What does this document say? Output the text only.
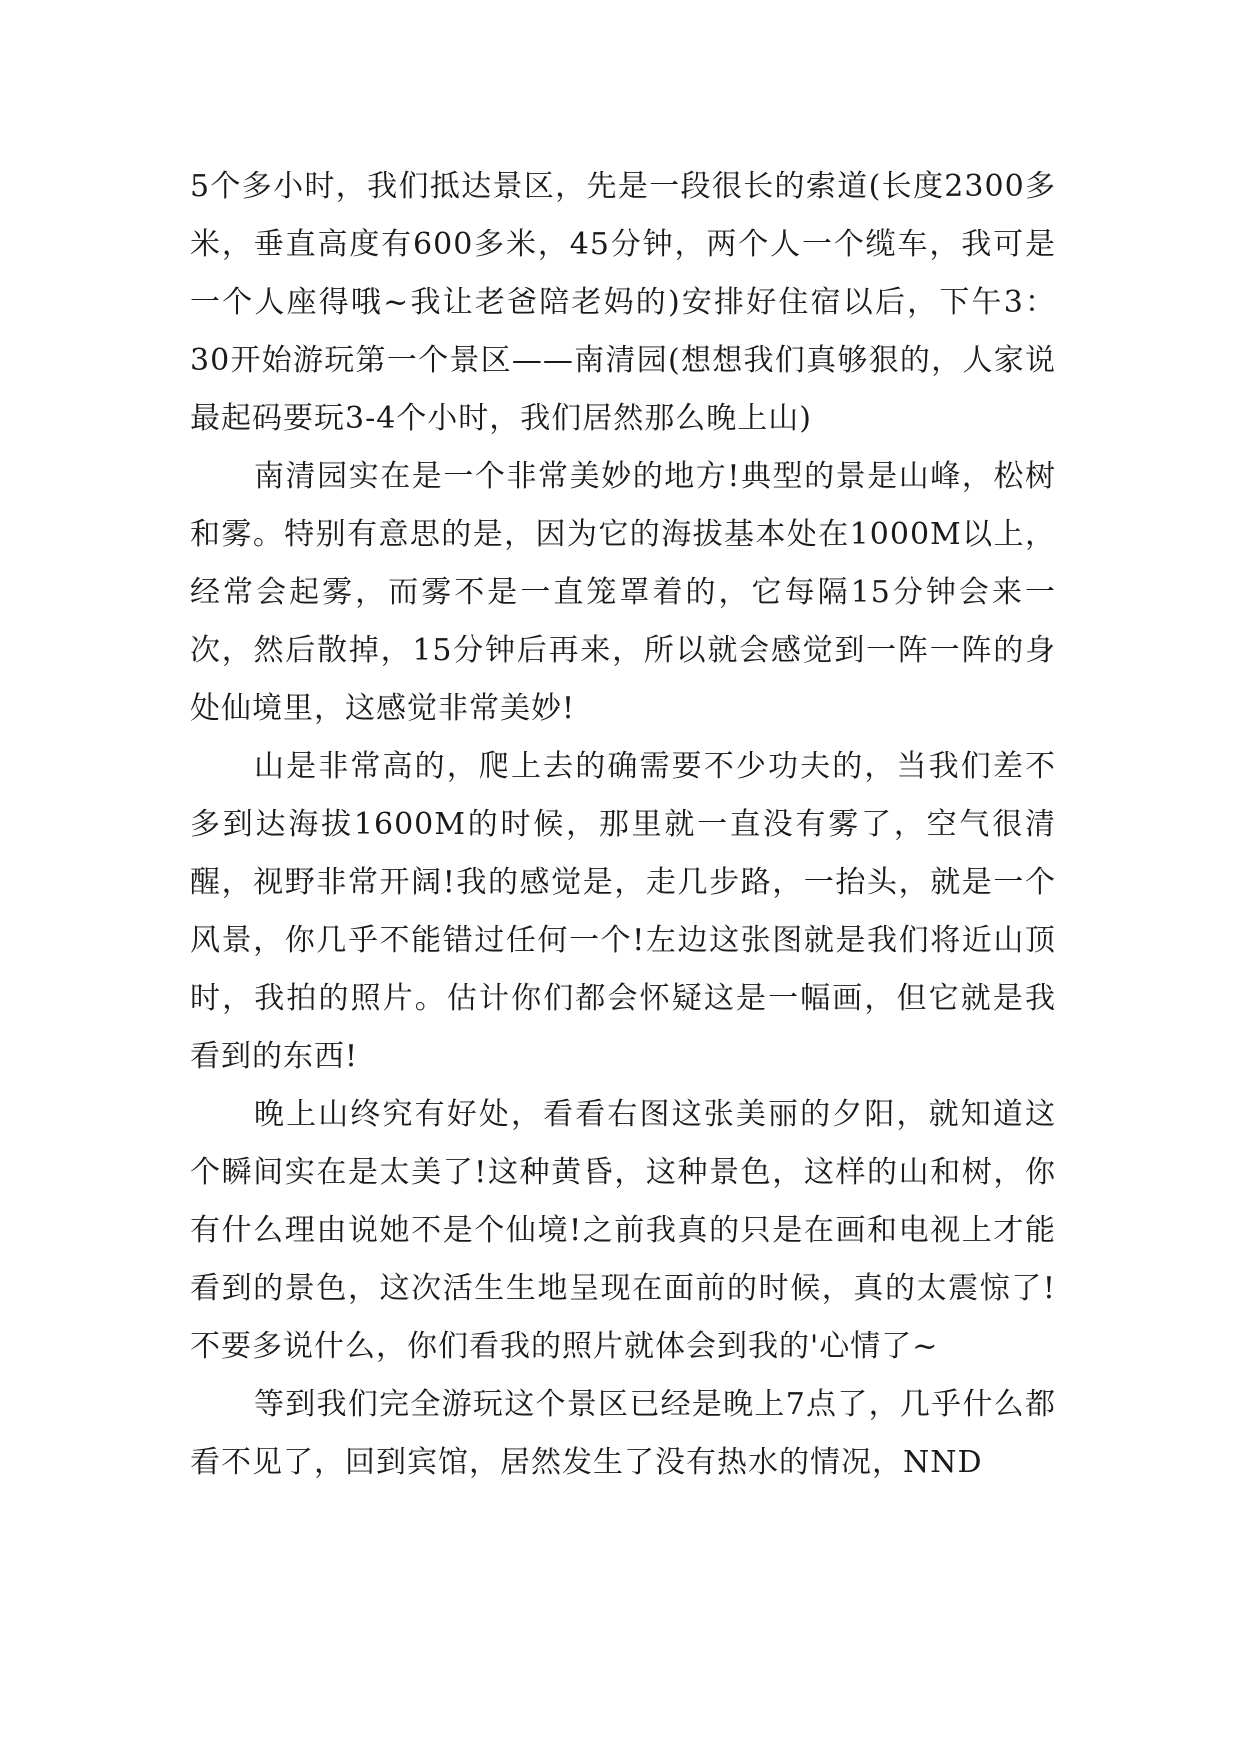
5个多小时，我们抵达景区，先是一段很长的索道(长度2300多米，垂直高度有600多米，45分钟，两个人一个缆车，我可是一个人座得哦~我让老爸陪老妈的)安排好住宿以后，下午3：30开始游玩第一个景区——南清园(想想我们真够狠的，人家说最起码要玩3-4个小时，我们居然那么晚上山)

南清园实在是一个非常美妙的地方!典型的景是山峰，松树和雾。特别有意思的是，因为它的海拔基本处在1000M以上，经常会起雾，而雾不是一直笼罩着的，它每隔15分钟会来一次，然后散掉，15分钟后再来，所以就会感觉到一阵一阵的身处仙境里，这感觉非常美妙!

山是非常高的，爬上去的确需要不少功夫的，当我们差不多到达海拔1600M的时候，那里就一直没有雾了，空气很清醒，视野非常开阔!我的感觉是，走几步路，一抬头，就是一个风景，你几乎不能错过任何一个!左边这张图就是我们将近山顶时，我拍的照片。估计你们都会怀疑这是一幅画，但它就是我看到的东西!

晚上山终究有好处，看看右图这张美丽的夕阳，就知道这个瞬间实在是太美了!这种黄昏，这种景色，这样的山和树，你有什么理由说她不是个仙境!之前我真的只是在画和电视上才能看到的景色，这次活生生地呈现在面前的时候，真的太震惊了!不要多说什么，你们看我的照片就体会到我的'心情了~

等到我们完全游玩这个景区已经是晚上7点了，几乎什么都看不见了，回到宾馆，居然发生了没有热水的情况，NND
